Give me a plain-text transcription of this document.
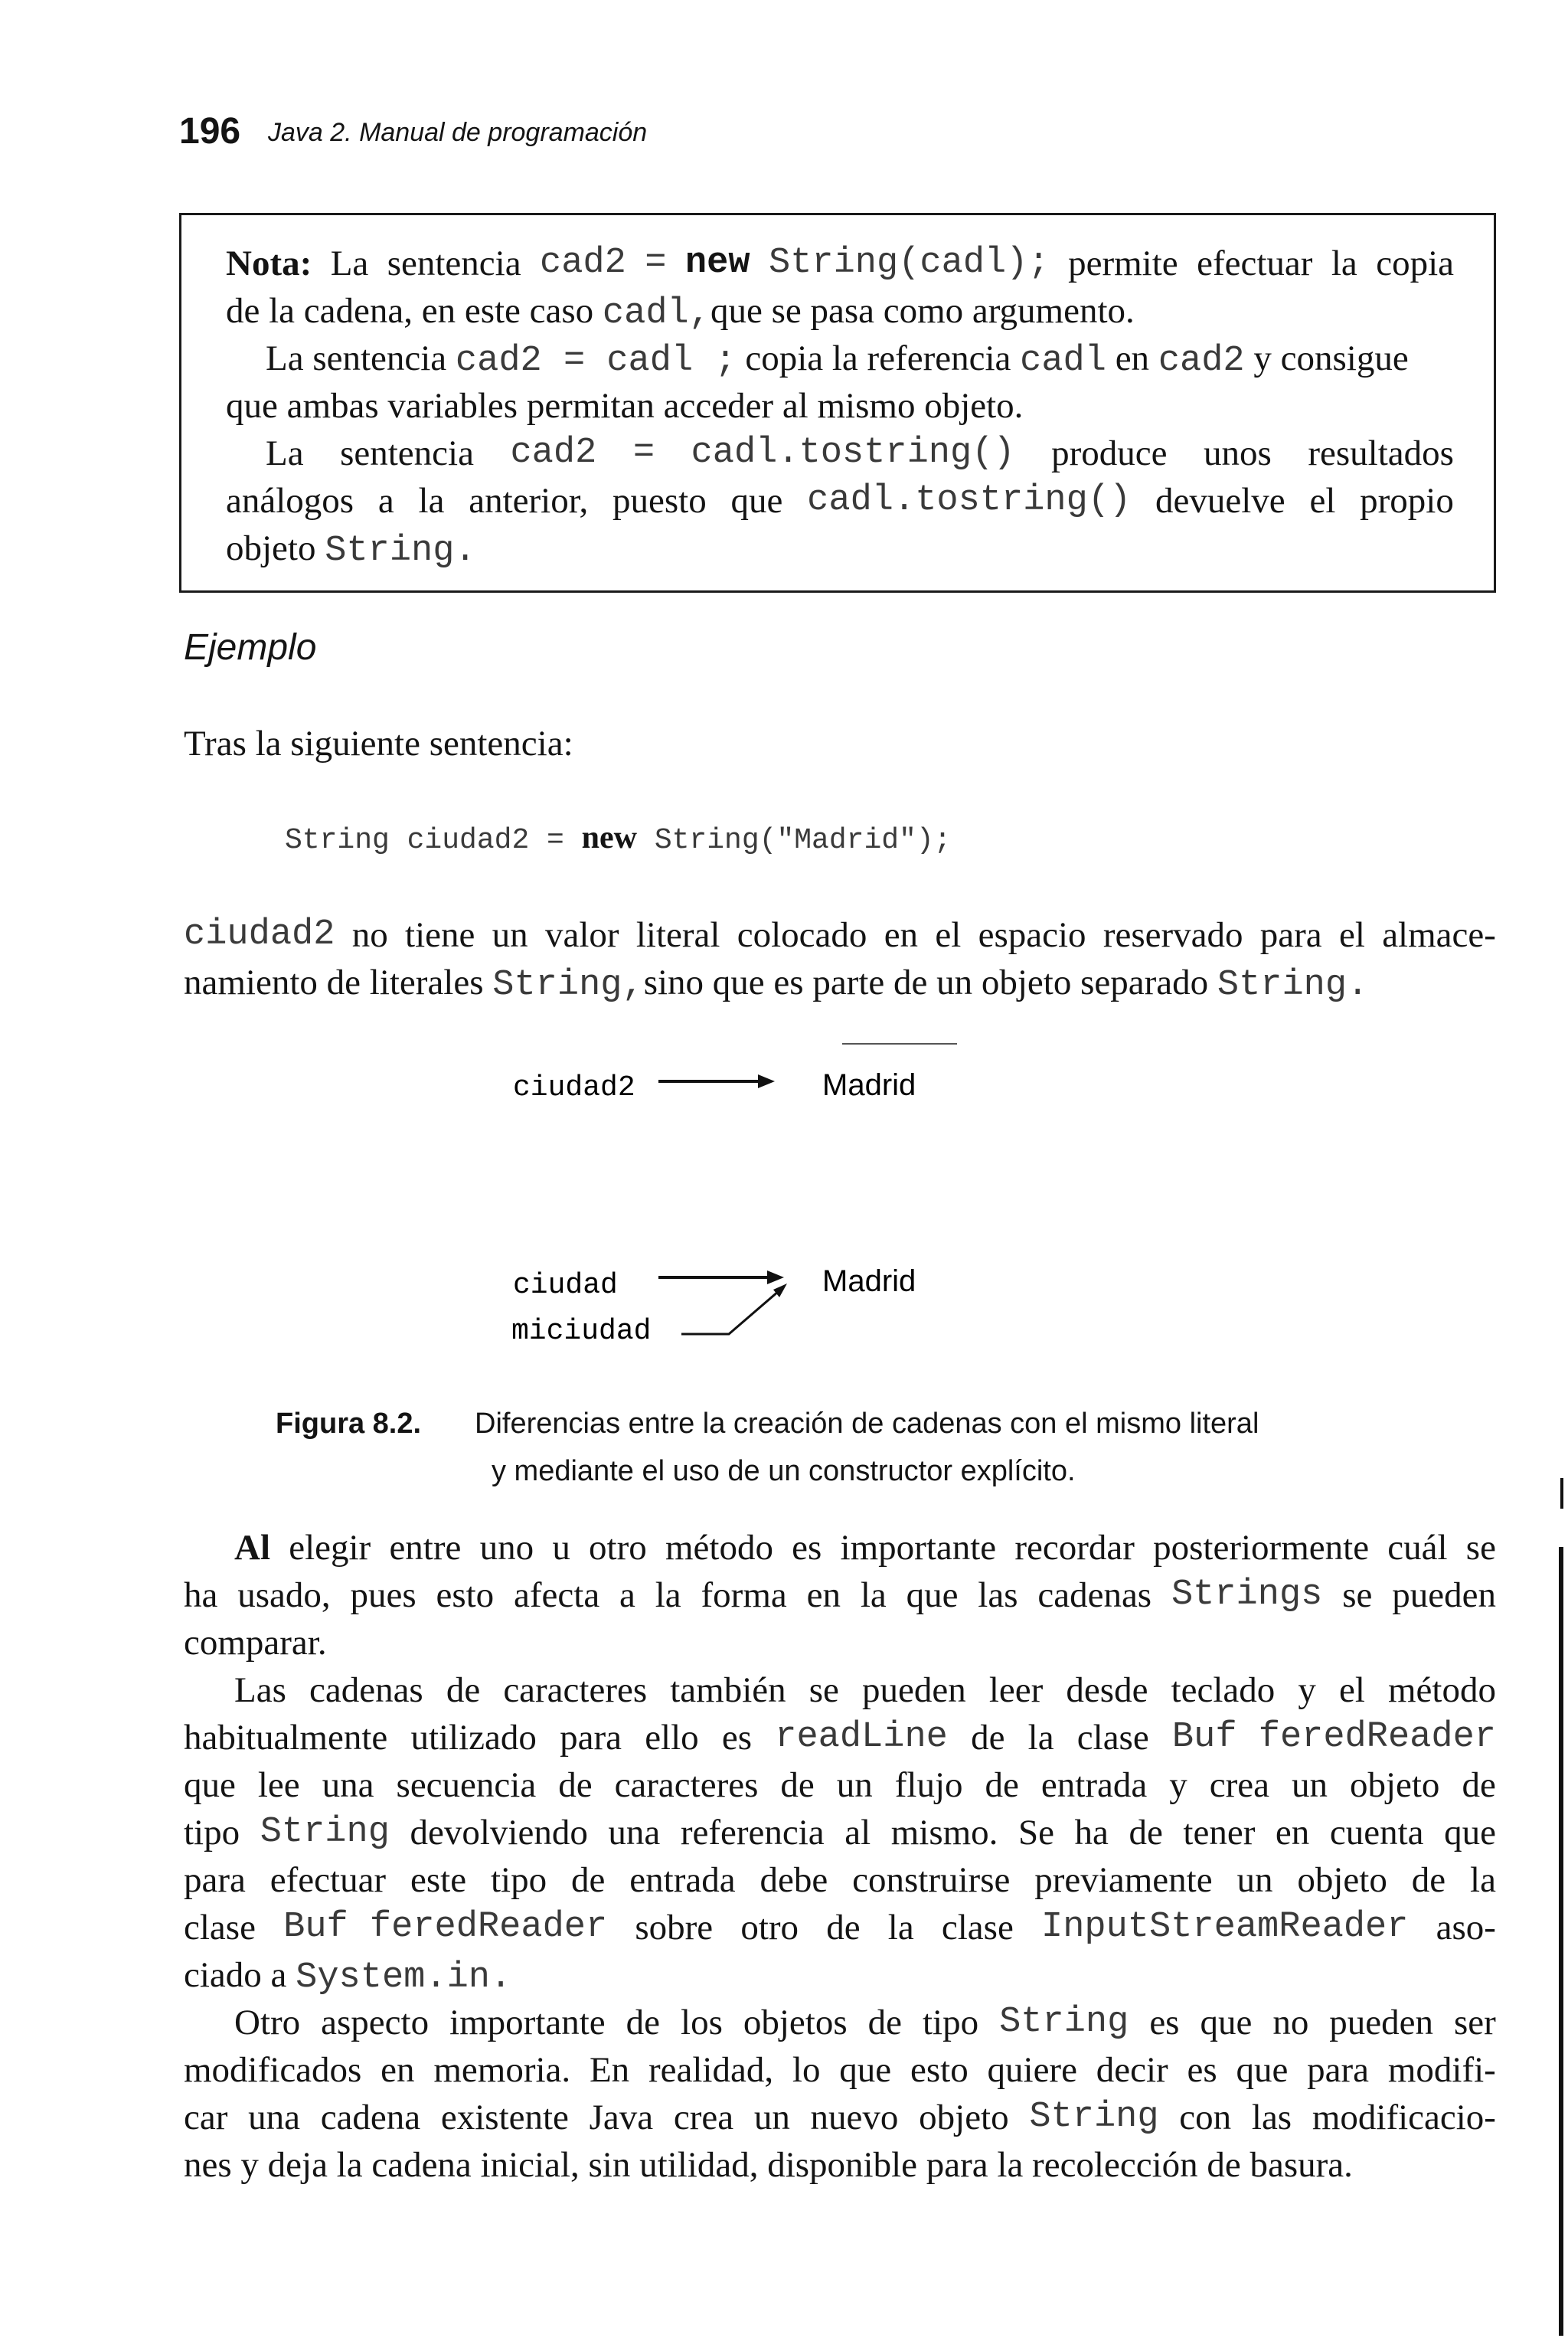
196 Java 2. Manual de programación
Nota: La sentencia cad2 = new String(cadl); permite efectuar la copia
de la cadena, en este caso cadl,que se pasa como argumento.
La sentencia cad2 = cadl ; copia la referencia cadl en cad2 y consigue
que ambas variables permitan acceder al mismo objeto.
La sentencia cad2 = cadl.tostring() produce unos resultados
análogos a la anterior, puesto que cadl.tostring() devuelve el propio
objeto String.
Ejemplo
Tras la siguiente sentencia:
String ciudad2 = new String("Madrid");
ciudad2 no tiene un valor literal colocado en el espacio reservado para el almace-
namiento de literales String,sino que es parte de un objeto separado String.
ciudad2	Madrid
ciudad
miciudad
Madrid
Figura 8.2. Diferencias entre la creación de cadenas con el mismo literal
y mediante el uso de un constructor explícito.
Al elegir entre uno u otro método es importante recordar posteriormente cuál se
ha usado, pues esto afecta a la forma en la que las cadenas Strings se pueden
comparar.
Las cadenas de caracteres también se pueden leer desde teclado y el método
habitualmente utilizado para ello es readLine de la clase Buf feredReader
que lee una secuencia de caracteres de un flujo de entrada y crea un objeto de
tipo String devolviendo una referencia al mismo. Se ha de tener en cuenta que
para efectuar este tipo de entrada debe construirse previamente un objeto de la
clase Buf feredReader sobre otro de la clase InputStreamReader aso-
ciado a System.in.
Otro aspecto importante de los objetos de tipo String es que no pueden ser
modificados en memoria. En realidad, lo que esto quiere decir es que para modifi-
car una cadena existente Java crea un nuevo objeto String con las modificacio-
nes y deja la cadena inicial, sin utilidad, disponible para la recolección de basura.
